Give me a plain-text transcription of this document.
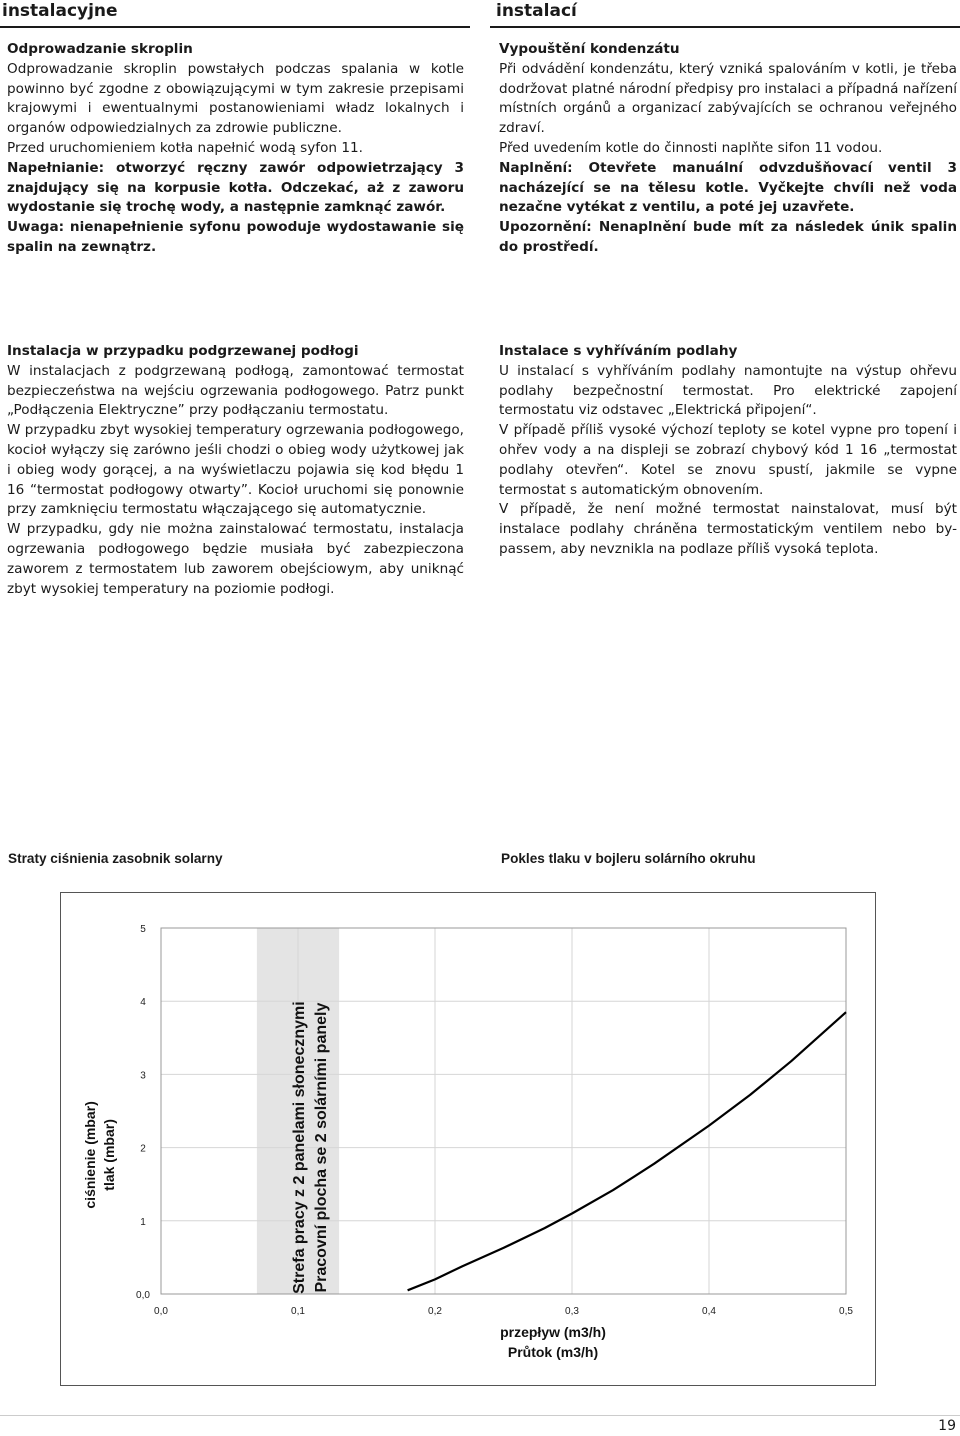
instalacyjne	instalací

Odprowadzanie skroplin

Odprowadzanie skroplin powstałych podczas spalania w kotle powinno być zgodne z obowiązującymi w tym zakresie przepisami krajowymi i ewentualnymi postanowieniami władz lokalnych i organów odpowiedzialnych za zdrowie publiczne.

Przed uruchomieniem kotła napełnić wodą syfon 11.

Napełnianie: otworzyć ręczny zawór odpowietrzający 3 znajdujący się na korpusie kotła. Odczekać, aż z zaworu wydostanie się trochę wody, a następnie zamknąć zawór.

Uwaga: nienapełnienie syfonu powoduje wydostawanie się spalin na zewnątrz.

Vypouštění kondenzátu

Při odvádění kondenzátu, který vzniká spalováním v kotli, je třeba dodržovat platné národní předpisy pro instalaci a případná nařízení místních orgánů a organizací zabývajících se ochranou veřejného zdraví.

Před uvedením kotle do činnosti naplňte sifon 11 vodou.

Naplnění: Otevřete manuální odvzdušňovací ventil 3 nacházející se na tělesu kotle. Vyčkejte chvíli než voda nezačne vytékat z ventilu, a poté jej uzavřete.

Upozornění: Nenaplnění bude mít za následek únik spalin do prostředí.

Instalacja w przypadku podgrzewanej podłogi

W instalacjach z podgrzewaną podłogą, zamontować termostat bezpieczeństwa na wejściu ogrzewania podłogowego. Patrz punkt „Podłączenia Elektryczne” przy podłączaniu termostatu.

W przypadku zbyt wysokiej temperatury ogrzewania podłogowego, kocioł wyłączy się zarówno jeśli chodzi o obieg wody użytkowej jak i obieg wody gorącej, a na wyświetlaczu pojawia się kod błędu 1 16 “termostat podłogowy otwarty”. Kocioł uruchomi się ponownie przy zamknięciu termostatu włączającego się automatycznie.

W przypadku, gdy nie można zainstalować termostatu, instalacja ogrzewania podłogowego będzie musiała być zabezpieczona zaworem z termostatem lub zaworem obejściowym, aby uniknąć zbyt wysokiej temperatury na poziomie podłogi.

Instalace s vyhříváním podlahy

U instalací s vyhříváním podlahy namontujte na výstup ohřevu podlahy bezpečnostní termostat. Pro elektrické zapojení termostatu viz odstavec „Elektrická připojení“.

V případě příliš vysoké výchozí teploty se kotel vypne pro topení i ohřev vody a na displeji se zobrazí chybový kód 1 16 „termostat podlahy otevřen“. Kotel se znovu spustí, jakmile se vypne termostat s automatickým obnovením.

V případě, že není možné termostat nainstalovat, musí být instalace podlahy chráněna termostatickým ventilem nebo by-passem, aby nevznikla na podlaze příliš vysoká teplota.

Straty ciśnienia zasobnik solarny	Pokles tlaku v bojleru solárního okruhu
0,0
1
2
3
4
5
0,0	0,1	0,2	0,3	0,4	0,5
Strefa pracy z 2 panelami słonecznymi Pracovní plocha se 2 solárními panely
ciśnienie (mbar) tlak (mbar)
przepływ (m3/h)
Průtok (m3/h)
19
